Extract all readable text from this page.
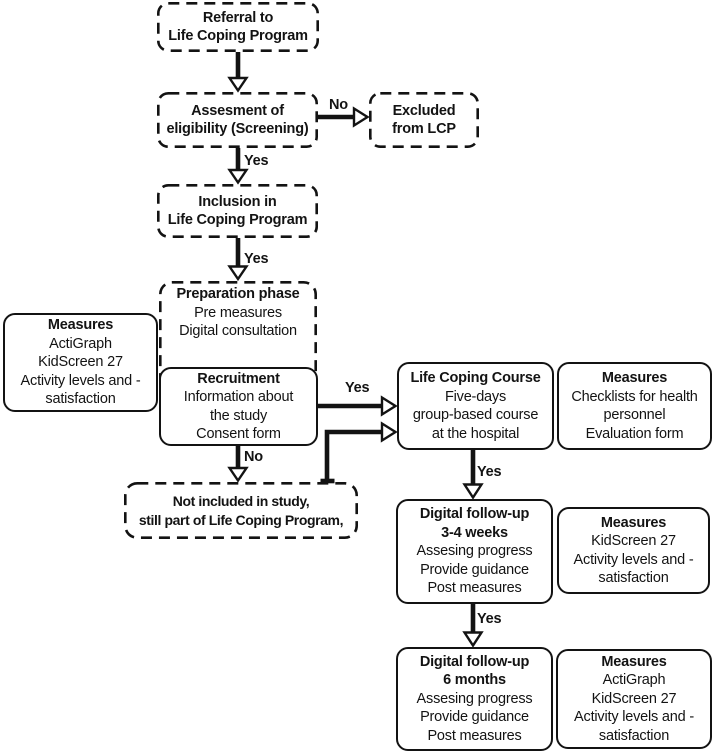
Referral to
Life Coping Program
Assesment of
eligibility (Screening)
Excluded
from LCP
Inclusion in
Life Coping Program
Preparation phase
Pre measures
Digital consultation
Measures
ActiGraph
KidScreen 27
Activity levels and -
satisfaction
Recruitment
Information about
the study
Consent form
Life Coping Course
Five-days
group-based course
at the hospital
Measures
Checklists for health
personnel
Evaluation form
Not included in study,
still part of Life Coping Program,	Digital follow-up
3-4 weeks
Assesing progress
Provide guidance
Post measures
Measures
KidScreen 27
Activity levels and -
satisfaction
Digital follow-up
6 months
Assesing progress
Provide guidance
Post measures
Measures
ActiGraph
KidScreen 27
Activity levels and -
satisfaction
No
Yes
Yes
Yes
No
Yes
Yes
